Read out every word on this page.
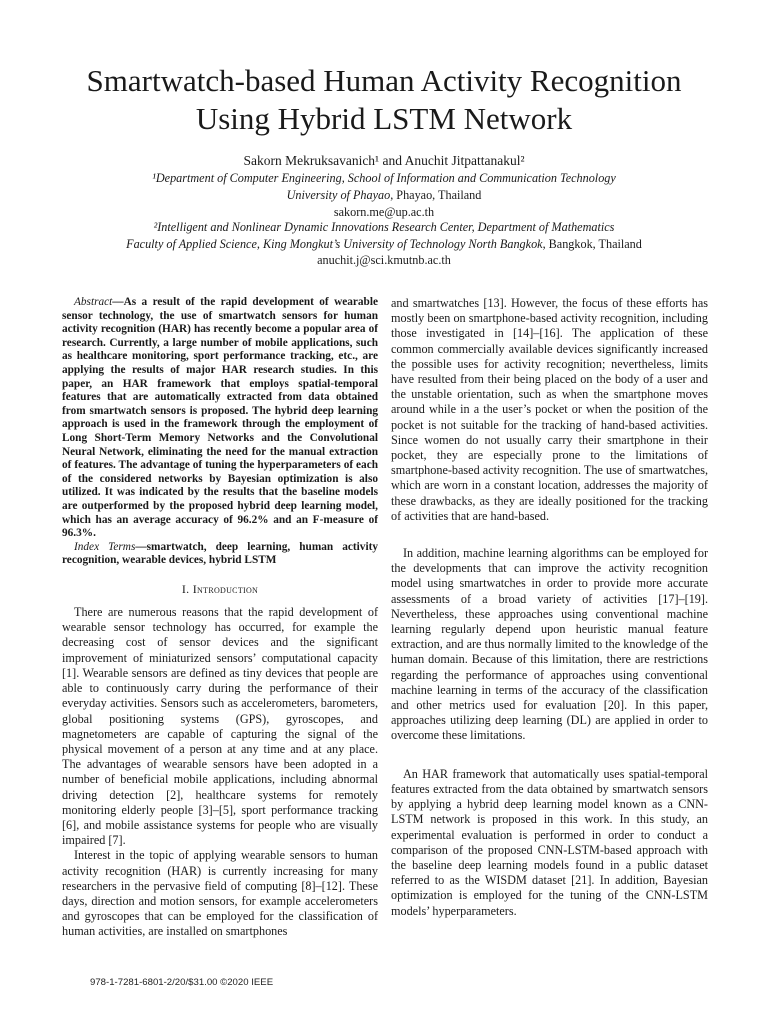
Smartwatch-based Human Activity Recognition
Using Hybrid LSTM Network
Sakorn Mekruksavanich¹ and Anuchit Jitpattanakul²
¹Department of Computer Engineering, School of Information and Communication Technology
University of Phayao, Phayao, Thailand
sakorn.me@up.ac.th
²Intelligent and Nonlinear Dynamic Innovations Research Center, Department of Mathematics
Faculty of Applied Science, King Mongkut’s University of Technology North Bangkok, Bangkok, Thailand
anuchit.j@sci.kmutnb.ac.th

Abstract—As a result of the rapid development of wearable sensor technology, the use of smartwatch sensors for human activity recognition (HAR) has recently become a popular area of research. Currently, a large number of mobile applications, such as healthcare monitoring, sport performance tracking, etc., are applying the results of major HAR research studies. In this paper, an HAR framework that employs spatial-temporal features that are automatically extracted from data obtained from smartwatch sensors is proposed. The hybrid deep learning approach is used in the framework through the employment of Long Short-Term Memory Networks and the Convolutional Neural Network, eliminating the need for the manual extraction of features. The advantage of tuning the hyperparameters of each of the considered networks by Bayesian optimization is also utilized. It was indicated by the results that the baseline models are outperformed by the proposed hybrid deep learning model, which has an average accuracy of 96.2% and an F-measure of 96.3%.

Index Terms—smartwatch, deep learning, human activity recognition, wearable devices, hybrid LSTM

I. Introduction

There are numerous reasons that the rapid development of wearable sensor technology has occurred, for example the decreasing cost of sensor devices and the significant improvement of miniaturized sensors’ computational capacity [1]. Wearable sensors are defined as tiny devices that people are able to continuously carry during the performance of their everyday activities. Sensors such as accelerometers, barometers, global positioning systems (GPS), gyroscopes, and magnetometers are capable of capturing the signal of the physical movement of a person at any time and at any place. The advantages of wearable sensors have been adopted in a number of beneficial mobile applications, including abnormal driving detection [2], healthcare systems for remotely monitoring elderly people [3]–[5], sport performance tracking [6], and mobile assistance systems for people who are visually impaired [7].

Interest in the topic of applying wearable sensors to human activity recognition (HAR) is currently increasing for many researchers in the pervasive field of computing [8]–[12]. These days, direction and motion sensors, for example accelerometers and gyroscopes that can be employed for the classification of human activities, are installed on smartphones

and smartwatches [13]. However, the focus of these efforts has mostly been on smartphone-based activity recognition, including those investigated in [14]–[16]. The application of these common commercially available devices significantly increased the possible uses for activity recognition; nevertheless, limits have resulted from their being placed on the body of a user and the unstable orientation, such as when the smartphone moves around while in a the user’s pocket or when the position of the pocket is not suitable for the tracking of hand-based activities. Since women do not usually carry their smartphone in their pocket, they are especially prone to the limitations of smartphone-based activity recognition. The use of smartwatches, which are worn in a constant location, addresses the majority of these drawbacks, as they are ideally positioned for the tracking of activities that are hand-based.

In addition, machine learning algorithms can be employed for the developments that can improve the activity recognition model using smartwatches in order to provide more accurate assessments of a broad variety of activities [17]–[19]. Nevertheless, these approaches using conventional machine learning regularly depend upon heuristic manual feature extraction, and are thus normally limited to the knowledge of the human domain. Because of this limitation, there are restrictions regarding the performance of approaches using conventional machine learning in terms of the accuracy of the classification and other metrics used for evaluation [20]. In this paper, approaches utilizing deep learning (DL) are applied in order to overcome these limitations.

An HAR framework that automatically uses spatial-temporal features extracted from the data obtained by smartwatch sensors by applying a hybrid deep learning model known as a CNN-LSTM network is proposed in this work. In this study, an experimental evaluation is performed in order to conduct a comparison of the proposed CNN-LSTM-based approach with the baseline deep learning models found in a public dataset referred to as the WISDM dataset [21]. In addition, Bayesian optimization is employed for the tuning of the CNN-LSTM models’ hyperparameters.

978-1-7281-6801-2/20/$31.00 ©2020 IEEE
